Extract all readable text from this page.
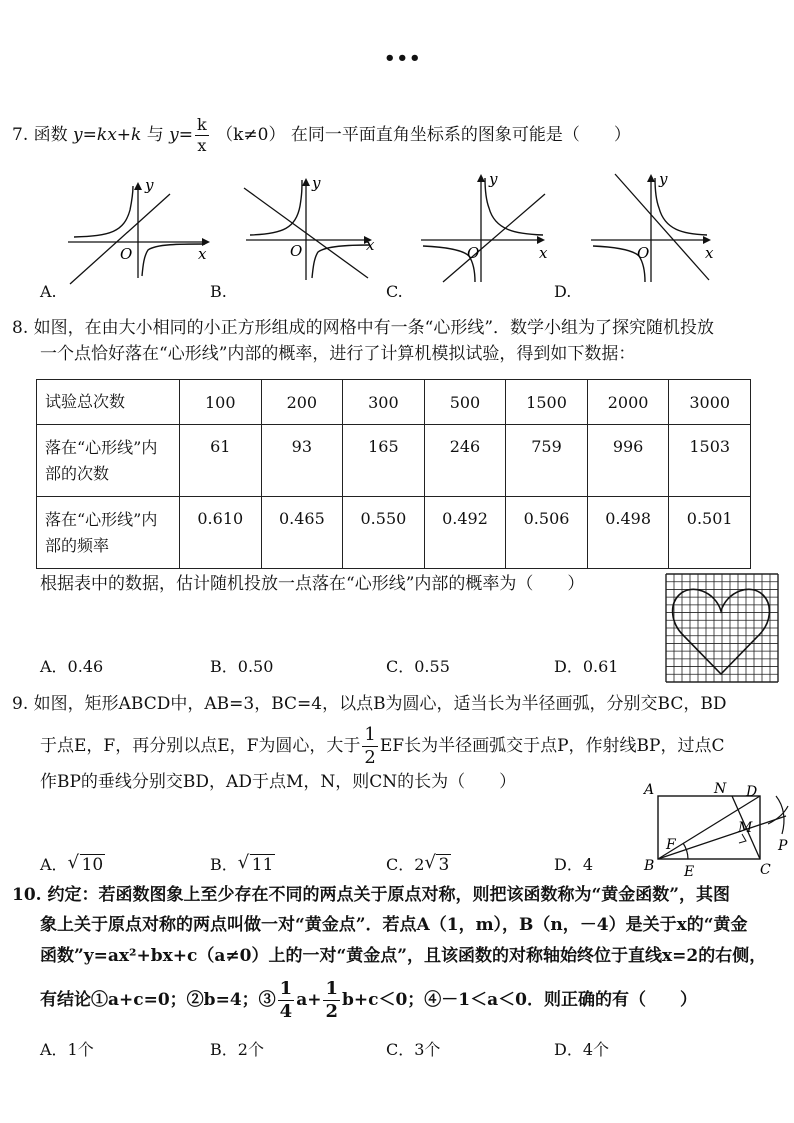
•••
7. 函数 y=kx+k 与 $y= \frac{k}{x} (k\ne 0)$ 在同一平面直角坐标系的图象可能是（　　）
y
O	x
y
O	x
y
O	x
y
O	x
A.	B.	C.	D.
8. 如图，在由大小相同的小正方形组成的网格中有一条“心形线”．数学小组为了探究随机投放
一个点恰好落在“心形线”内部的概率，进行了计算机模拟试验，得到如下数据：
试验总次数	100	200	300	500	1500	2000	3000
落在“心形线”内部的次数	61	93	165	246	759	996	1503
落在“心形线”内部的频率	0.610	0.465	0.550	0.492	0.506	0.498	0.501
根据表中的数据，估计随机投放一点落在“心形线”内部的概率为（　　）
A．0.46	B．0.50	C．0.55	D．0.61
9. 如图，矩形ABCD中，AB=3，BC=4，以点B为圆心，适当长为半径画弧，分别交BC，BD
于点E，F，再分别以点E，F为圆心，大于 $\frac{1}{2}$ EF长为半径画弧交于点P，作射线BP，过点C
作BP的垂线分别交BD，AD于点M，N，则CN的长为（　　）
A． √ 10	B． √ 11	C．2 √ 3	D．4
A	N D
P
M
F
B E	C
10. 约定：若函数图象上至少存在不同的两点关于原点对称，则把该函数称为“黄金函数”，其图
象上关于原点对称的两点叫做一对“黄金点”．若点A（1，m），B（n，－4）是关于x的“黄金
函数”y=ax²+bx+c（a≠0）上的一对“黄金点”，且该函数的对称轴始终位于直线x=2的右侧，
有结论①a+c=0；②b=4；③ $\frac{1}{4} a+ \frac{1}{2} b+c<0$；④－1＜a＜0．则正确的有（　　）
A．1个	B．2个	C．3个	D．4个
